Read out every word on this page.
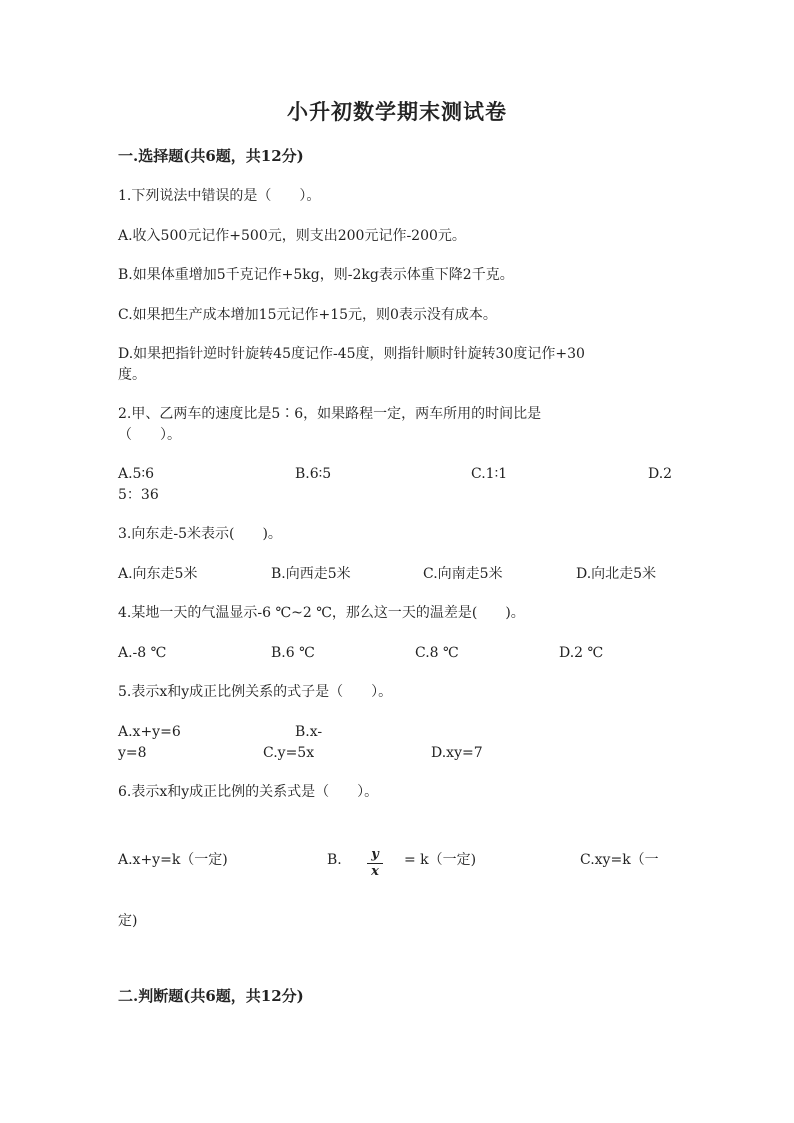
小升初数学期末测试卷
一.选择题(共6题，共12分)
1.下列说法中错误的是（　　）。
A.收入500元记作+500元，则支出200元记作-200元。
B.如果体重增加5千克记作+5kg，则-2kg表示体重下降2千克。
C.如果把生产成本增加15元记作+15元，则0表示没有成本。
D.如果把指针逆时针旋转45度记作-45度，则指针顺时针旋转30度记作+30
度。
2.甲、乙两车的速度比是5∶6，如果路程一定，两车所用的时间比是
（　　）。
A.5∶6	B.6∶5	C.1∶1	D.2
5：36
3.向东走-5米表示(　　)。
A.向东走5米	B.向西走5米	C.向南走5米	D.向北走5米
4.某地一天的气温显示-6 ℃~2 ℃，那么这一天的温差是(　　)。
A.-8 ℃	B.6 ℃	C.8 ℃	D.2 ℃
5.表示x和y成正比例关系的式子是（　　）。
A.x+y=6	B.x-
y=8	C.y=5x	D.xy=7
6.表示x和y成正比例的关系式是（　　）。
A.x+y=k（一定)	B.	y
x
= k（一定)	C.xy=k（一
定)
二.判断题(共6题，共12分)
